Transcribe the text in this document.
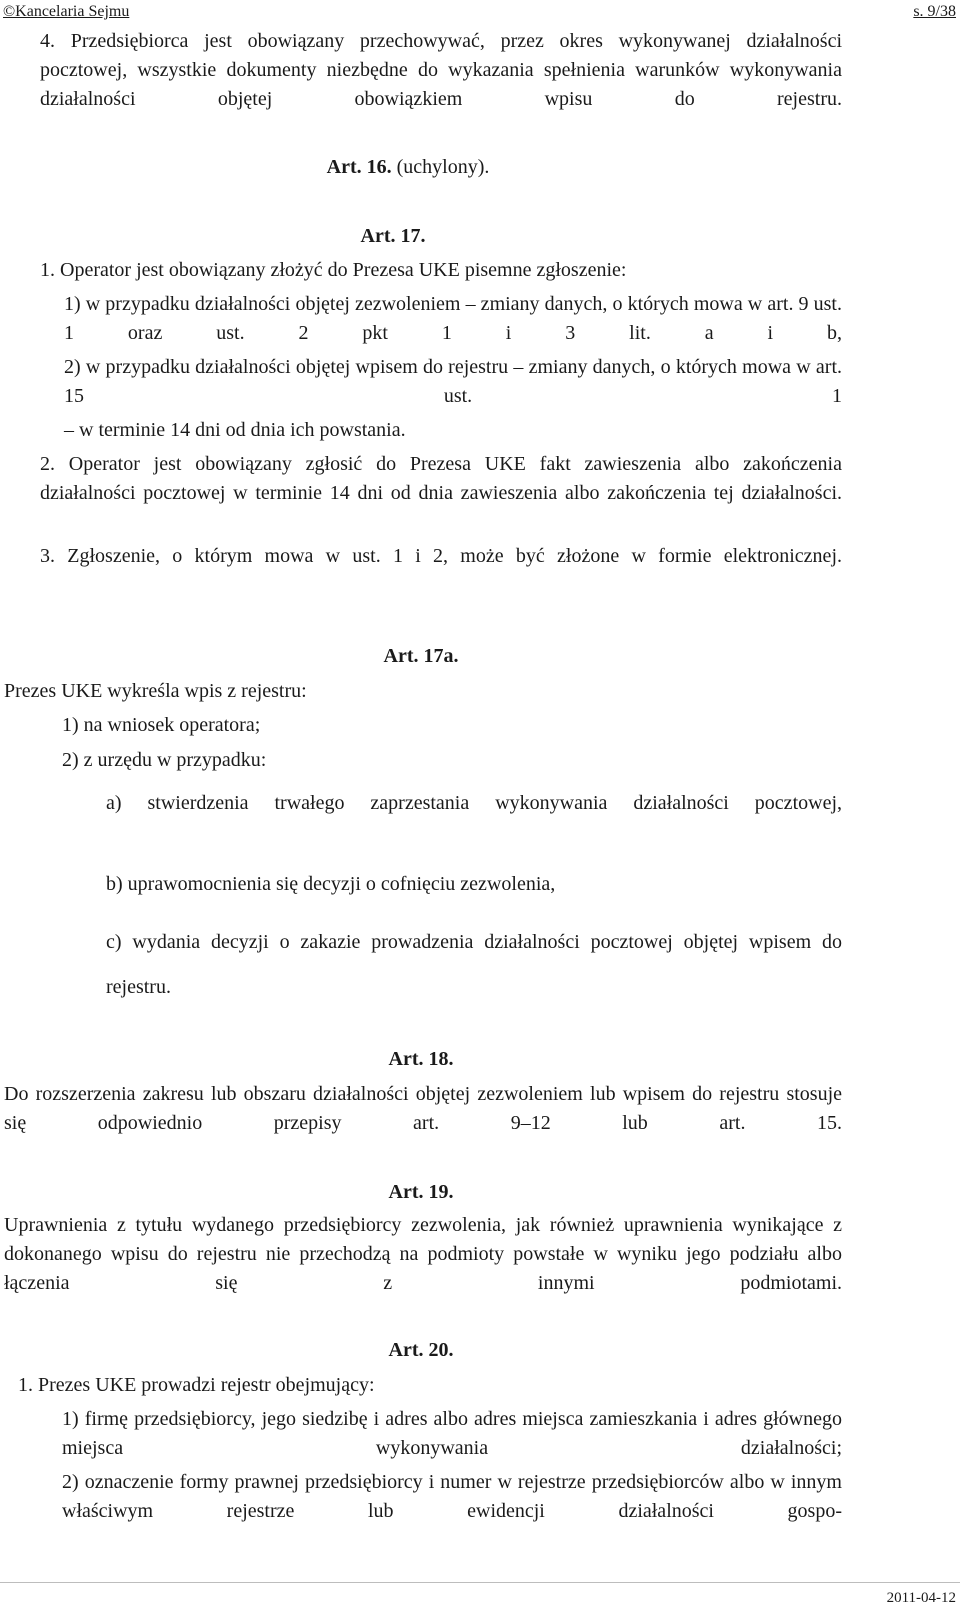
©Kancelaria Sejmu	s. 9/38
4. Przedsiębiorca jest obowiązany przechowywać, przez okres wykonywanej działalności pocztowej, wszystkie dokumenty niezbędne do wykazania spełnienia warunków wykonywania działalności objętej obowiązkiem wpisu do rejestru.
Art. 16. (uchylony).
Art. 17.
1. Operator jest obowiązany złożyć do Prezesa UKE pisemne zgłoszenie:
1) w przypadku działalności objętej zezwoleniem – zmiany danych, o których mowa w art. 9 ust. 1 oraz ust. 2 pkt 1 i 3 lit. a i b,
2) w przypadku działalności objętej wpisem do rejestru – zmiany danych, o których mowa w art. 15 ust. 1
– w terminie 14 dni od dnia ich powstania.
2. Operator jest obowiązany zgłosić do Prezesa UKE fakt zawieszenia albo zakończenia działalności pocztowej w terminie 14 dni od dnia zawieszenia albo zakończenia tej działalności.
3. Zgłoszenie, o którym mowa w ust. 1 i 2, może być złożone w formie elektronicznej.
Art. 17a.
Prezes UKE wykreśla wpis z rejestru:
1) na wniosek operatora;
2) z urzędu w przypadku:
a) stwierdzenia trwałego zaprzestania wykonywania działalności pocztowej,
b) uprawomocnienia się decyzji o cofnięciu zezwolenia,
c) wydania decyzji o zakazie prowadzenia działalności pocztowej objętej wpisem do rejestru.
Art. 18.
Do rozszerzenia zakresu lub obszaru działalności objętej zezwoleniem lub wpisem do rejestru stosuje się odpowiednio przepisy art. 9–12 lub art. 15.
Art. 19.
Uprawnienia z tytułu wydanego przedsiębiorcy zezwolenia, jak również uprawnienia wynikające z dokonanego wpisu do rejestru nie przechodzą na podmioty powstałe w wyniku jego podziału albo łączenia się z innymi podmiotami.
Art. 20.
1. Prezes UKE prowadzi rejestr obejmujący:
1) firmę przedsiębiorcy, jego siedzibę i adres albo adres miejsca zamieszkania i adres głównego miejsca wykonywania działalności;
2) oznaczenie formy prawnej przedsiębiorcy i numer w rejestrze przedsiębiorców albo w innym właściwym rejestrze lub ewidencji działalności gospo-
2011-04-12
